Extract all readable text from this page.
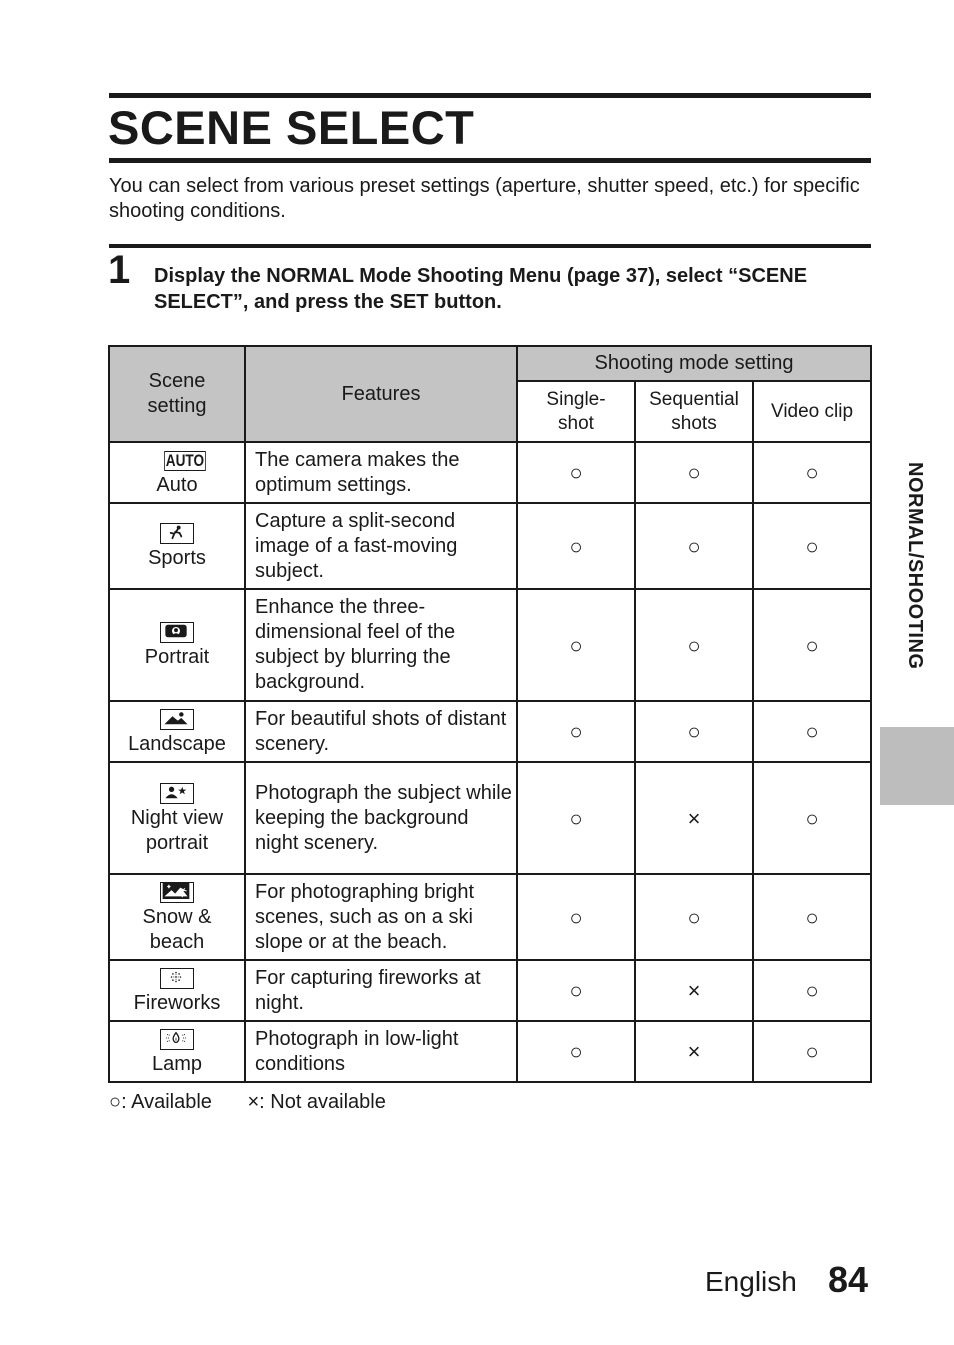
SCENE SELECT
You can select from various preset settings (aperture, shutter speed, etc.) for specific shooting conditions.
1 Display the NORMAL Mode Shooting Menu (page 37), select “SCENE SELECT”, and press the SET button.
Scene setting	Features	Shooting mode setting		
		Single-shot	Sequential shots	Video clip
AUTO
Auto	The camera makes the optimum settings.	○	○	○

Sports	Capture a split-second image of a fast-moving subject.	○	○	○

Portrait	Enhance the three-dimensional feel of the subject by blurring the background.	○	○	○

Landscape	For beautiful shots of distant scenery.	○	○	○

Night view portrait	Photograph the subject while keeping the background night scenery.	○	×	○

Snow & beach	For photographing bright scenes, such as on a ski slope or at the beach.	○	○	○

Fireworks	For capturing fireworks at night.	○	×	○

Lamp	Photograph in low-light conditions	○	×	○
○: Available ×: Not available
NORMAL/SHOOTING
English 84
